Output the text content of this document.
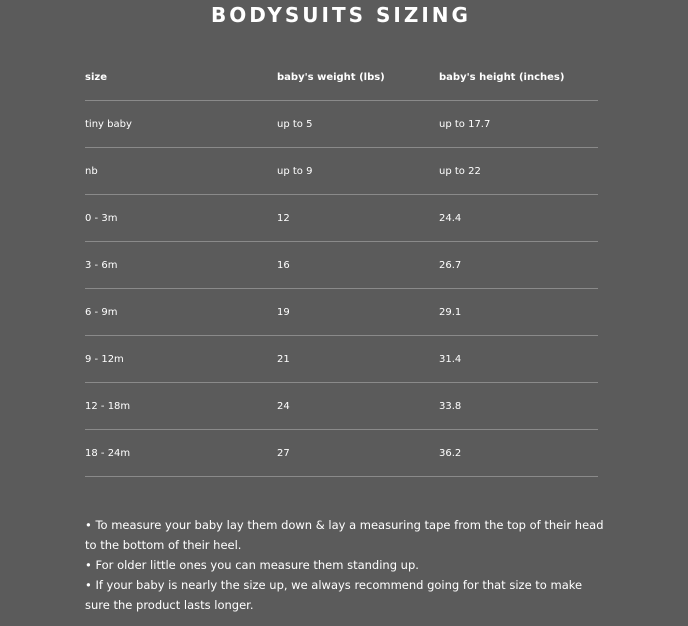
BODYSUITS SIZING
size	baby's weight (lbs)	baby's height (inches)
tiny baby	up to 5	up to 17.7
nb	up to 9	up to 22
0 - 3m	12	24.4
3 - 6m	16	26.7
6 - 9m	19	29.1
9 - 12m	21	31.4
12 - 18m	24	33.8
18 - 24m	27	36.2
• To measure your baby lay them down & lay a measuring tape from the top of their head to the bottom of their heel.
• For older little ones you can measure them standing up.
• If your baby is nearly the size up, we always recommend going for that size to make sure the product lasts longer.
